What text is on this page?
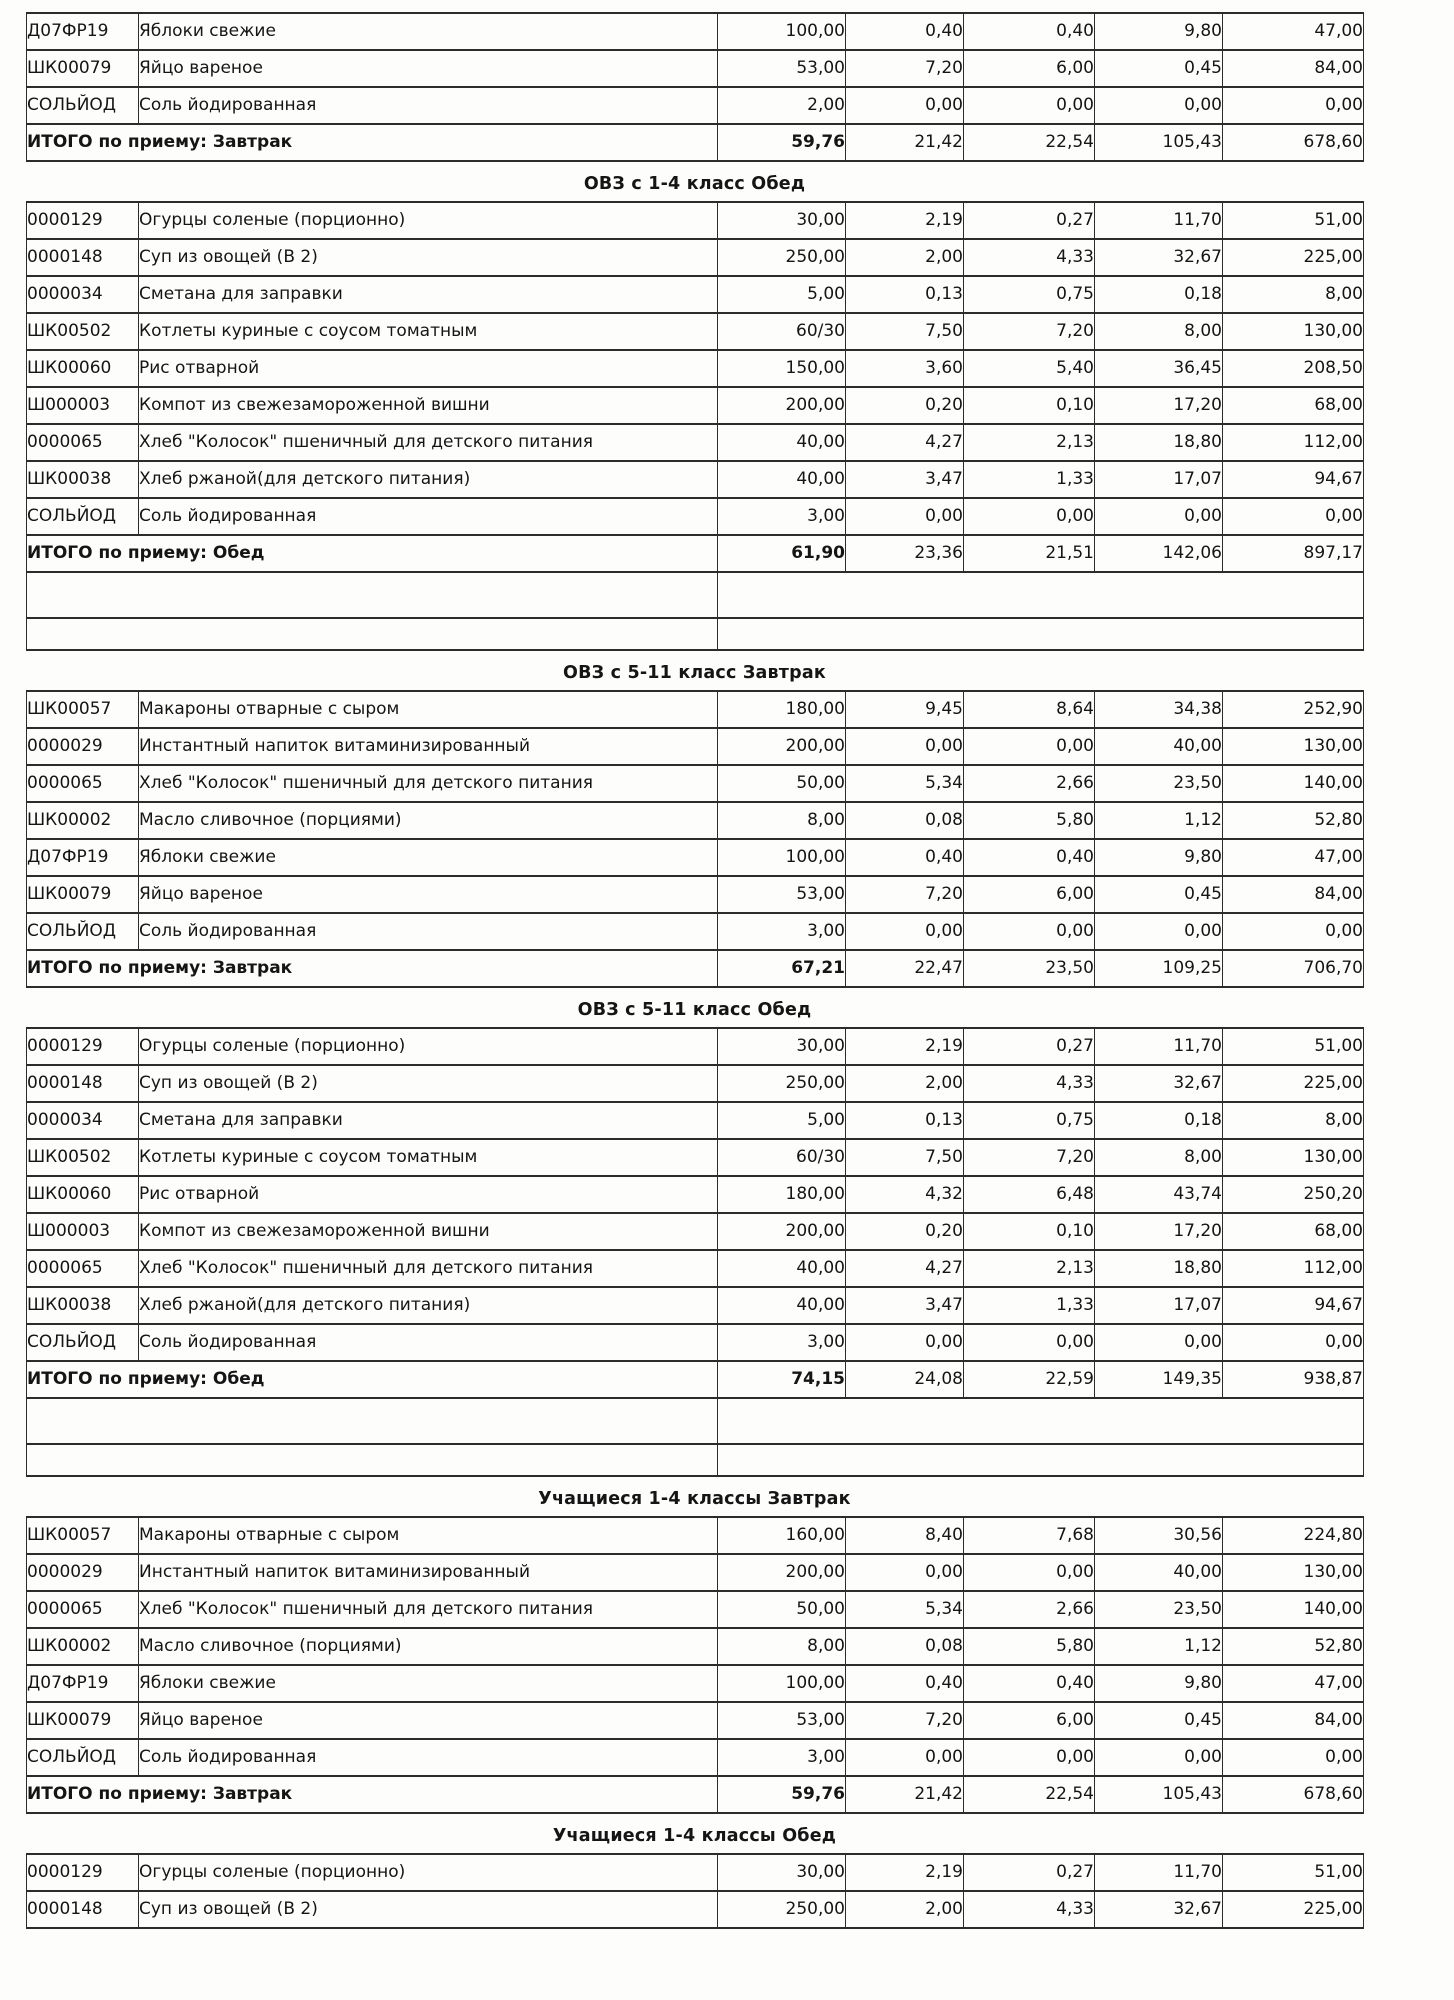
Д07ФР19	Яблоки свежие	100,00	0,40	0,40	9,80	47,00
ШК00079	Яйцо вареное	53,00	7,20	6,00	0,45	84,00
СОЛЬЙОД	Соль йодированная	2,00	0,00	0,00	0,00	0,00
ИТОГО по приему: Завтрак		59,76	21,42	22,54	105,43	678,60
ОВЗ с 1-4 класс Обед
0000129	Огурцы соленые (порционно)	30,00	2,19	0,27	11,70	51,00
0000148	Суп из овощей (В 2)	250,00	2,00	4,33	32,67	225,00
0000034	Сметана для заправки	5,00	0,13	0,75	0,18	8,00
ШК00502	Котлеты куриные с соусом томатным	60/30	7,50	7,20	8,00	130,00
ШК00060	Рис отварной	150,00	3,60	5,40	36,45	208,50
Ш000003	Компот из свежезамороженной вишни	200,00	0,20	0,10	17,20	68,00
0000065	Хлеб "Колосок" пшеничный для детского питания	40,00	4,27	2,13	18,80	112,00
ШК00038	Хлеб ржаной(для детского питания)	40,00	3,47	1,33	17,07	94,67
СОЛЬЙОД	Соль йодированная	3,00	0,00	0,00	0,00	0,00
ИТОГО по приему: Обед		61,90	23,36	21,51	142,06	897,17

ОВЗ с 5-11 класс Завтрак
ШК00057	Макароны отварные с сыром	180,00	9,45	8,64	34,38	252,90
0000029	Инстантный напиток витаминизированный	200,00	0,00	0,00	40,00	130,00
0000065	Хлеб "Колосок" пшеничный для детского питания	50,00	5,34	2,66	23,50	140,00
ШК00002	Масло сливочное (порциями)	8,00	0,08	5,80	1,12	52,80
Д07ФР19	Яблоки свежие	100,00	0,40	0,40	9,80	47,00
ШК00079	Яйцо вареное	53,00	7,20	6,00	0,45	84,00
СОЛЬЙОД	Соль йодированная	3,00	0,00	0,00	0,00	0,00
ИТОГО по приему: Завтрак		67,21	22,47	23,50	109,25	706,70
ОВЗ с 5-11 класс Обед
0000129	Огурцы соленые (порционно)	30,00	2,19	0,27	11,70	51,00
0000148	Суп из овощей (В 2)	250,00	2,00	4,33	32,67	225,00
0000034	Сметана для заправки	5,00	0,13	0,75	0,18	8,00
ШК00502	Котлеты куриные с соусом томатным	60/30	7,50	7,20	8,00	130,00
ШК00060	Рис отварной	180,00	4,32	6,48	43,74	250,20
Ш000003	Компот из свежезамороженной вишни	200,00	0,20	0,10	17,20	68,00
0000065	Хлеб "Колосок" пшеничный для детского питания	40,00	4,27	2,13	18,80	112,00
ШК00038	Хлеб ржаной(для детского питания)	40,00	3,47	1,33	17,07	94,67
СОЛЬЙОД	Соль йодированная	3,00	0,00	0,00	0,00	0,00
ИТОГО по приему: Обед		74,15	24,08	22,59	149,35	938,87

Учащиеся 1-4 классы Завтрак
ШК00057	Макароны отварные с сыром	160,00	8,40	7,68	30,56	224,80
0000029	Инстантный напиток витаминизированный	200,00	0,00	0,00	40,00	130,00
0000065	Хлеб "Колосок" пшеничный для детского питания	50,00	5,34	2,66	23,50	140,00
ШК00002	Масло сливочное (порциями)	8,00	0,08	5,80	1,12	52,80
Д07ФР19	Яблоки свежие	100,00	0,40	0,40	9,80	47,00
ШК00079	Яйцо вареное	53,00	7,20	6,00	0,45	84,00
СОЛЬЙОД	Соль йодированная	3,00	0,00	0,00	0,00	0,00
ИТОГО по приему: Завтрак		59,76	21,42	22,54	105,43	678,60
Учащиеся 1-4 классы Обед
0000129	Огурцы соленые (порционно)	30,00	2,19	0,27	11,70	51,00
0000148	Суп из овощей (В 2)	250,00	2,00	4,33	32,67	225,00
